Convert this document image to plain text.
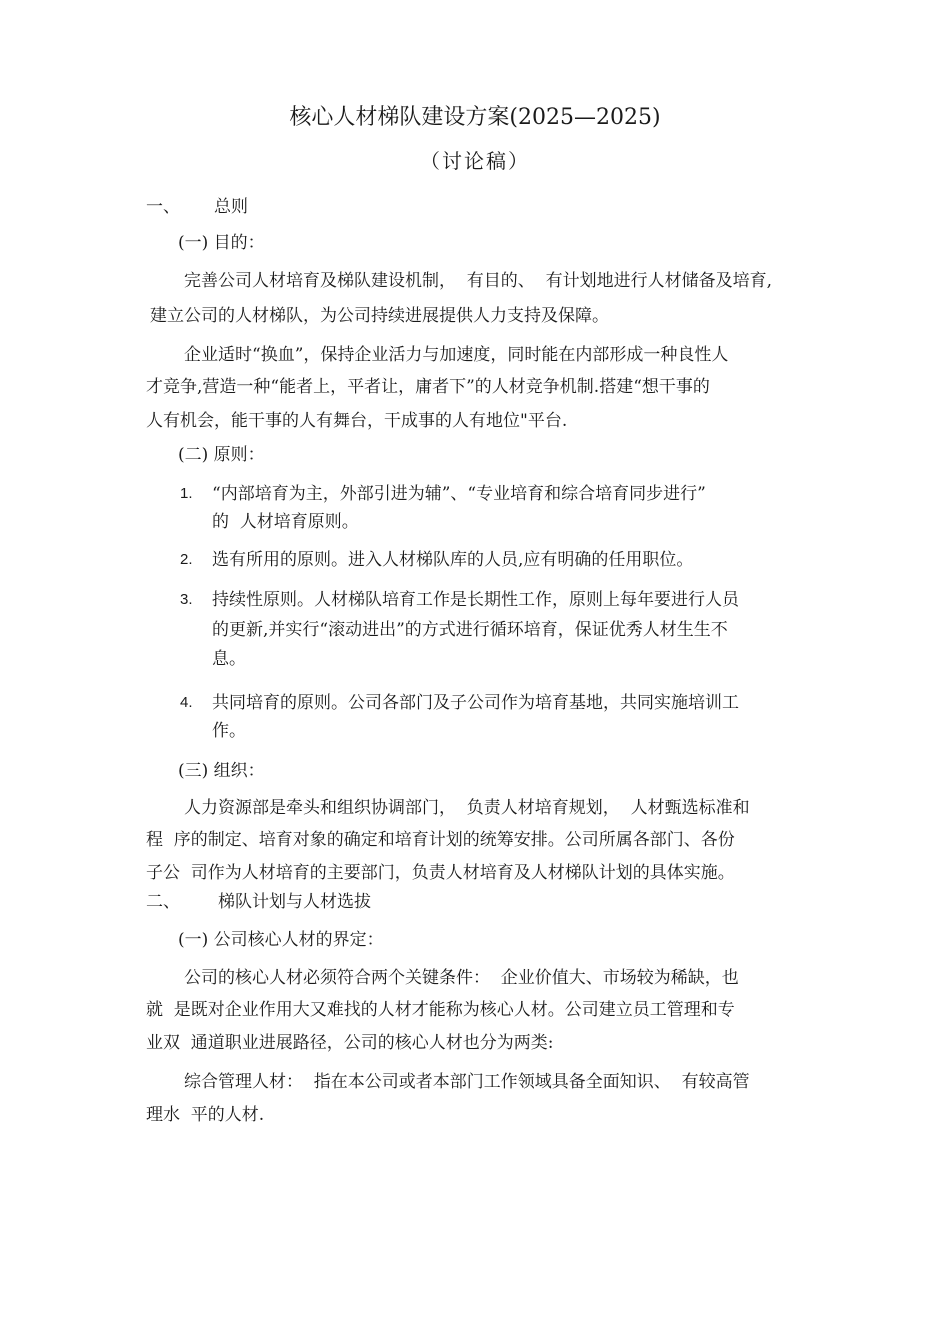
核心人材梯队建设方案(2025—2025)
（讨论稿）
一、 总则
(一) 目的：
完善公司人材培育及梯队建设机制，  有目的、  有计划地进行人材储备及培育,
建立公司的人材梯队，为公司持续进展提供人力支持及保障。
企业适时“换血”，保持企业活力与加速度，同时能在内部形成一种良性人
才竞争,营造一种“能者上，平者让，庸者下”的人材竞争机制.搭建“想干事的
人有机会，能干事的人有舞台，干成事的人有地位"平台.
(二) 原则：
1. “内部培育为主，外部引进为辅”、“专业培育和综合培育同步进行”
的  人材培育原则。
2. 选有所用的原则。进入人材梯队库的人员,应有明确的任用职位。
3. 持续性原则。人材梯队培育工作是长期性工作，原则上每年要进行人员
的更新,并实行“滚动进出”的方式进行循环培育，保证优秀人材生生不
息。
4. 共同培育的原则。公司各部门及子公司作为培育基地，共同实施培训工
作。
(三) 组织：
人力资源部是牵头和组织协调部门，  负责人材培育规划，  人材甄选标准和
程  序的制定、培育对象的确定和培育计划的统筹安排。公司所属各部门、各份
子公  司作为人材培育的主要部门，负责人材培育及人材梯队计划的具体实施。
二、 梯队计划与人材选拔
(一) 公司核心人材的界定：
公司的核心人材必须符合两个关键条件：  企业价值大、市场较为稀缺，也
就  是既对企业作用大又难找的人材才能称为核心人材。公司建立员工管理和专
业双  通道职业进展路径，公司的核心人材也分为两类:
综合管理人材：  指在本公司或者本部门工作领域具备全面知识、  有较高管
理水  平的人材.
